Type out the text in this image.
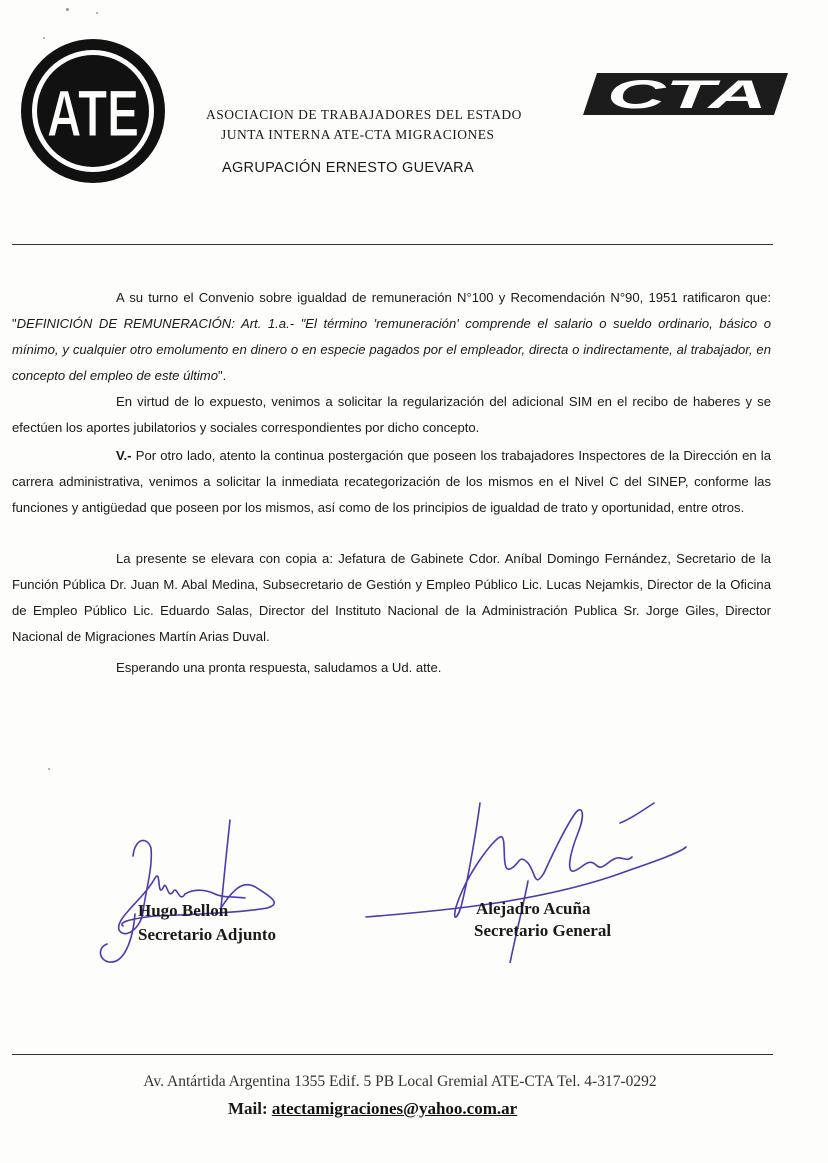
ATE	ASOCIACION DE TRABAJADORES DEL ESTADO
JUNTA INTERNA ATE-CTA MIGRACIONES
AGRUPACIÓN ERNESTO GUEVARA
CTA

A su turno el Convenio sobre igualdad de remuneración N°100 y Recomendación N°90, 1951 ratificaron que: "DEFINICIÓN DE REMUNERACIÓN: Art. 1.a.- "El término 'remuneración' comprende el salario o sueldo ordinario, básico o mínimo, y cualquier otro emolumento en dinero o en especie pagados por el empleador, directa o indirectamente, al trabajador, en concepto del empleo de este último".

En virtud de lo expuesto, venimos a solicitar la regularización del adicional SIM en el recibo de haberes y se efectúen los aportes jubilatorios y sociales correspondientes por dicho concepto.

V.- Por otro lado, atento la continua postergación que poseen los trabajadores Inspectores de la Dirección en la carrera administrativa, venimos a solicitar la inmediata recategorización de los mismos en el Nivel C del SINEP, conforme las funciones y antigüedad que poseen por los mismos, así como de los principios de igualdad de trato y oportunidad, entre otros.

La presente se elevara con copia a: Jefatura de Gabinete Cdor. Aníbal Domingo Fernández, Secretario de la Función Pública Dr. Juan M. Abal Medina, Subsecretario de Gestión y Empleo Público Lic. Lucas Nejamkis, Director de la Oficina de Empleo Público Lic. Eduardo Salas, Director del Instituto Nacional de la Administración Publica Sr. Jorge Giles, Director Nacional de Migraciones Martín Arias Duval.

Esperando una pronta respuesta, saludamos a Ud. atte.

Hugo Bellon
Secretario Adjunto
Alejadro Acuña
Secretario General
Av. Antártida Argentina 1355 Edif. 5 PB Local Gremial ATE-CTA Tel. 4-317-0292
Mail: atectamigraciones@yahoo.com.ar
